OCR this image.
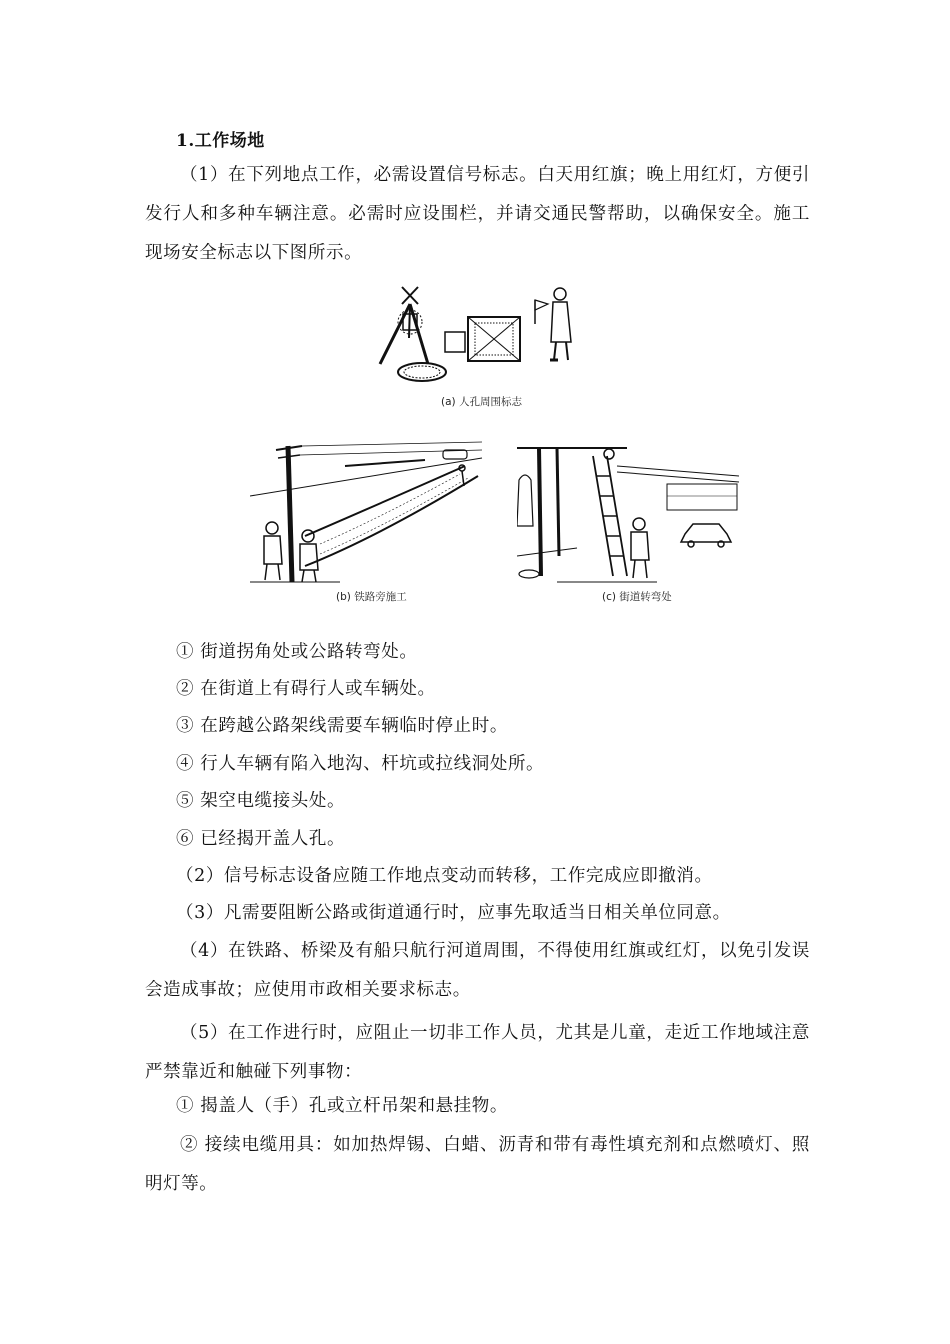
1.工作场地

（1）在下列地点工作，必需设置信号标志。白天用红旗；晚上用红灯，方便引发行人和多种车辆注意。必需时应设围栏，并请交通民警帮助，以确保安全。施工现场安全标志以下图所示。

(a) 人孔周围标志
(b) 铁路旁施工	(c) 街道转弯处
① 街道拐角处或公路转弯处。
② 在街道上有碍行人或车辆处。
③ 在跨越公路架线需要车辆临时停止时。
④ 行人车辆有陷入地沟、杆坑或拉线洞处所。
⑤ 架空电缆接头处。
⑥ 已经揭开盖人孔。
（2）信号标志设备应随工作地点变动而转移，工作完成应即撤消。
（3）凡需要阻断公路或街道通行时，应事先取适当日相关单位同意。

（4）在铁路、桥梁及有船只航行河道周围，不得使用红旗或红灯，以免引发误会造成事故；应使用市政相关要求标志。

（5）在工作进行时，应阻止一切非工作人员，尤其是儿童，走近工作地域注意严禁靠近和触碰下列事物：

① 揭盖人（手）孔或立杆吊架和悬挂物。

② 接续电缆用具：如加热焊锡、白蜡、沥青和带有毒性填充剂和点燃喷灯、照明灯等。
